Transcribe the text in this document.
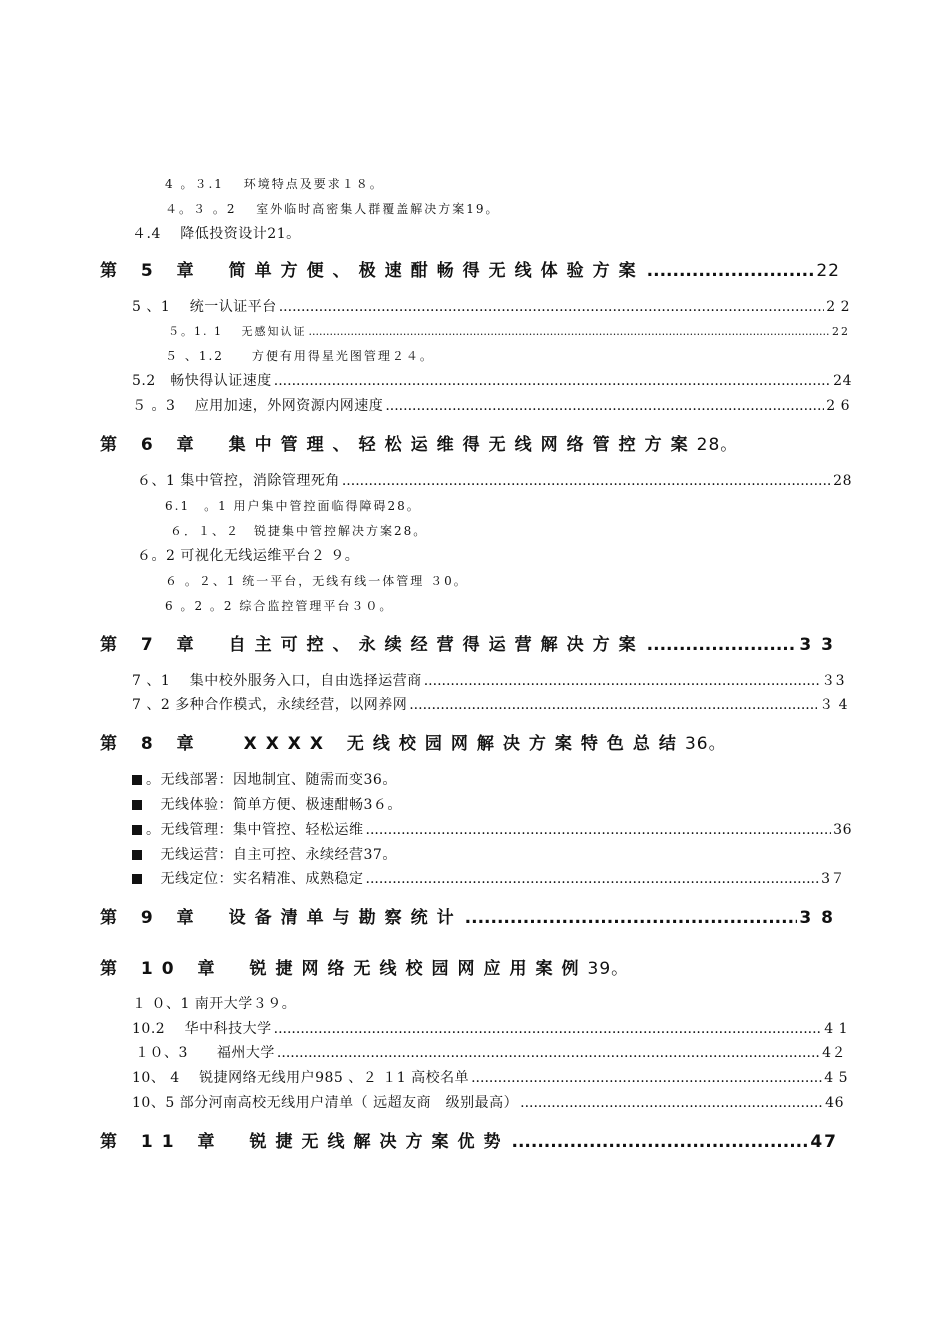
4 。３.1　 环境特点及要求１８。
４。３ 。2　 室外临时高密集人群覆盖解决方案19。
４.4　 降低投资设计21。
第 5 章　简单方便、极速酣畅得无线体验方案 .....	22
5 、1　 统一认证平台 .....	2 2
５。1. 1　 无感知认证 .....	22
５ 、1.2　　方便有用得星光图管理２４。
5.2　畅快得认证速度 .....	24
５ 。3　 应用加速，外网资源内网速度 .....	2 6
第 6 章　集中管理、轻松运维得无线网络管控方案28。
６、1 集中管控，消除管理死角 .....	28
6.1　。1 用户集中管控面临得障碍28。
６．１、２　锐捷集中管控解决方案28。
６。2 可视化无线运维平台２ ９。
６ 。２、1 统一平台，无线有线一体管理 ３0。
6 。2 。2 综合监控管理平台３０。
第 7 章　自主可控、永续经营得运营解决方案 .....	3 3
7 、1　 集中校外服务入口，自由选择运营商 .....	３3
7 、2 多种合作模式，永续经营，以网养网 .....	３ 4
第 8 章　 XXXX 无线校园网解决方案特色总结36。
。无线部署：因地制宜、随需而变36。
　无线体验：简单方便、极速酣畅3６。
。无线管理：集中管控、轻松运维 .....	36
　无线运营：自主可控、永续经营37。
　无线定位：实名精准、成熟稳定 .....	3７
第 9 章　设备清单与勘察统计 .....	3 8
第 10 章　锐捷网络无线校园网应用案例39。
１ ０、1 南开大学３９。
10.2　 华中科技大学 .....	4 1
１０、3　　福州大学 .....	4２
10、 4　 锐捷网络无线用户985 、２ １1 高校名单 .....	4 5
10、5 部分河南高校无线用户清单（ 远超友商　级别最高） .....	46
第 11 章　锐捷无线解决方案优势 .....	47
